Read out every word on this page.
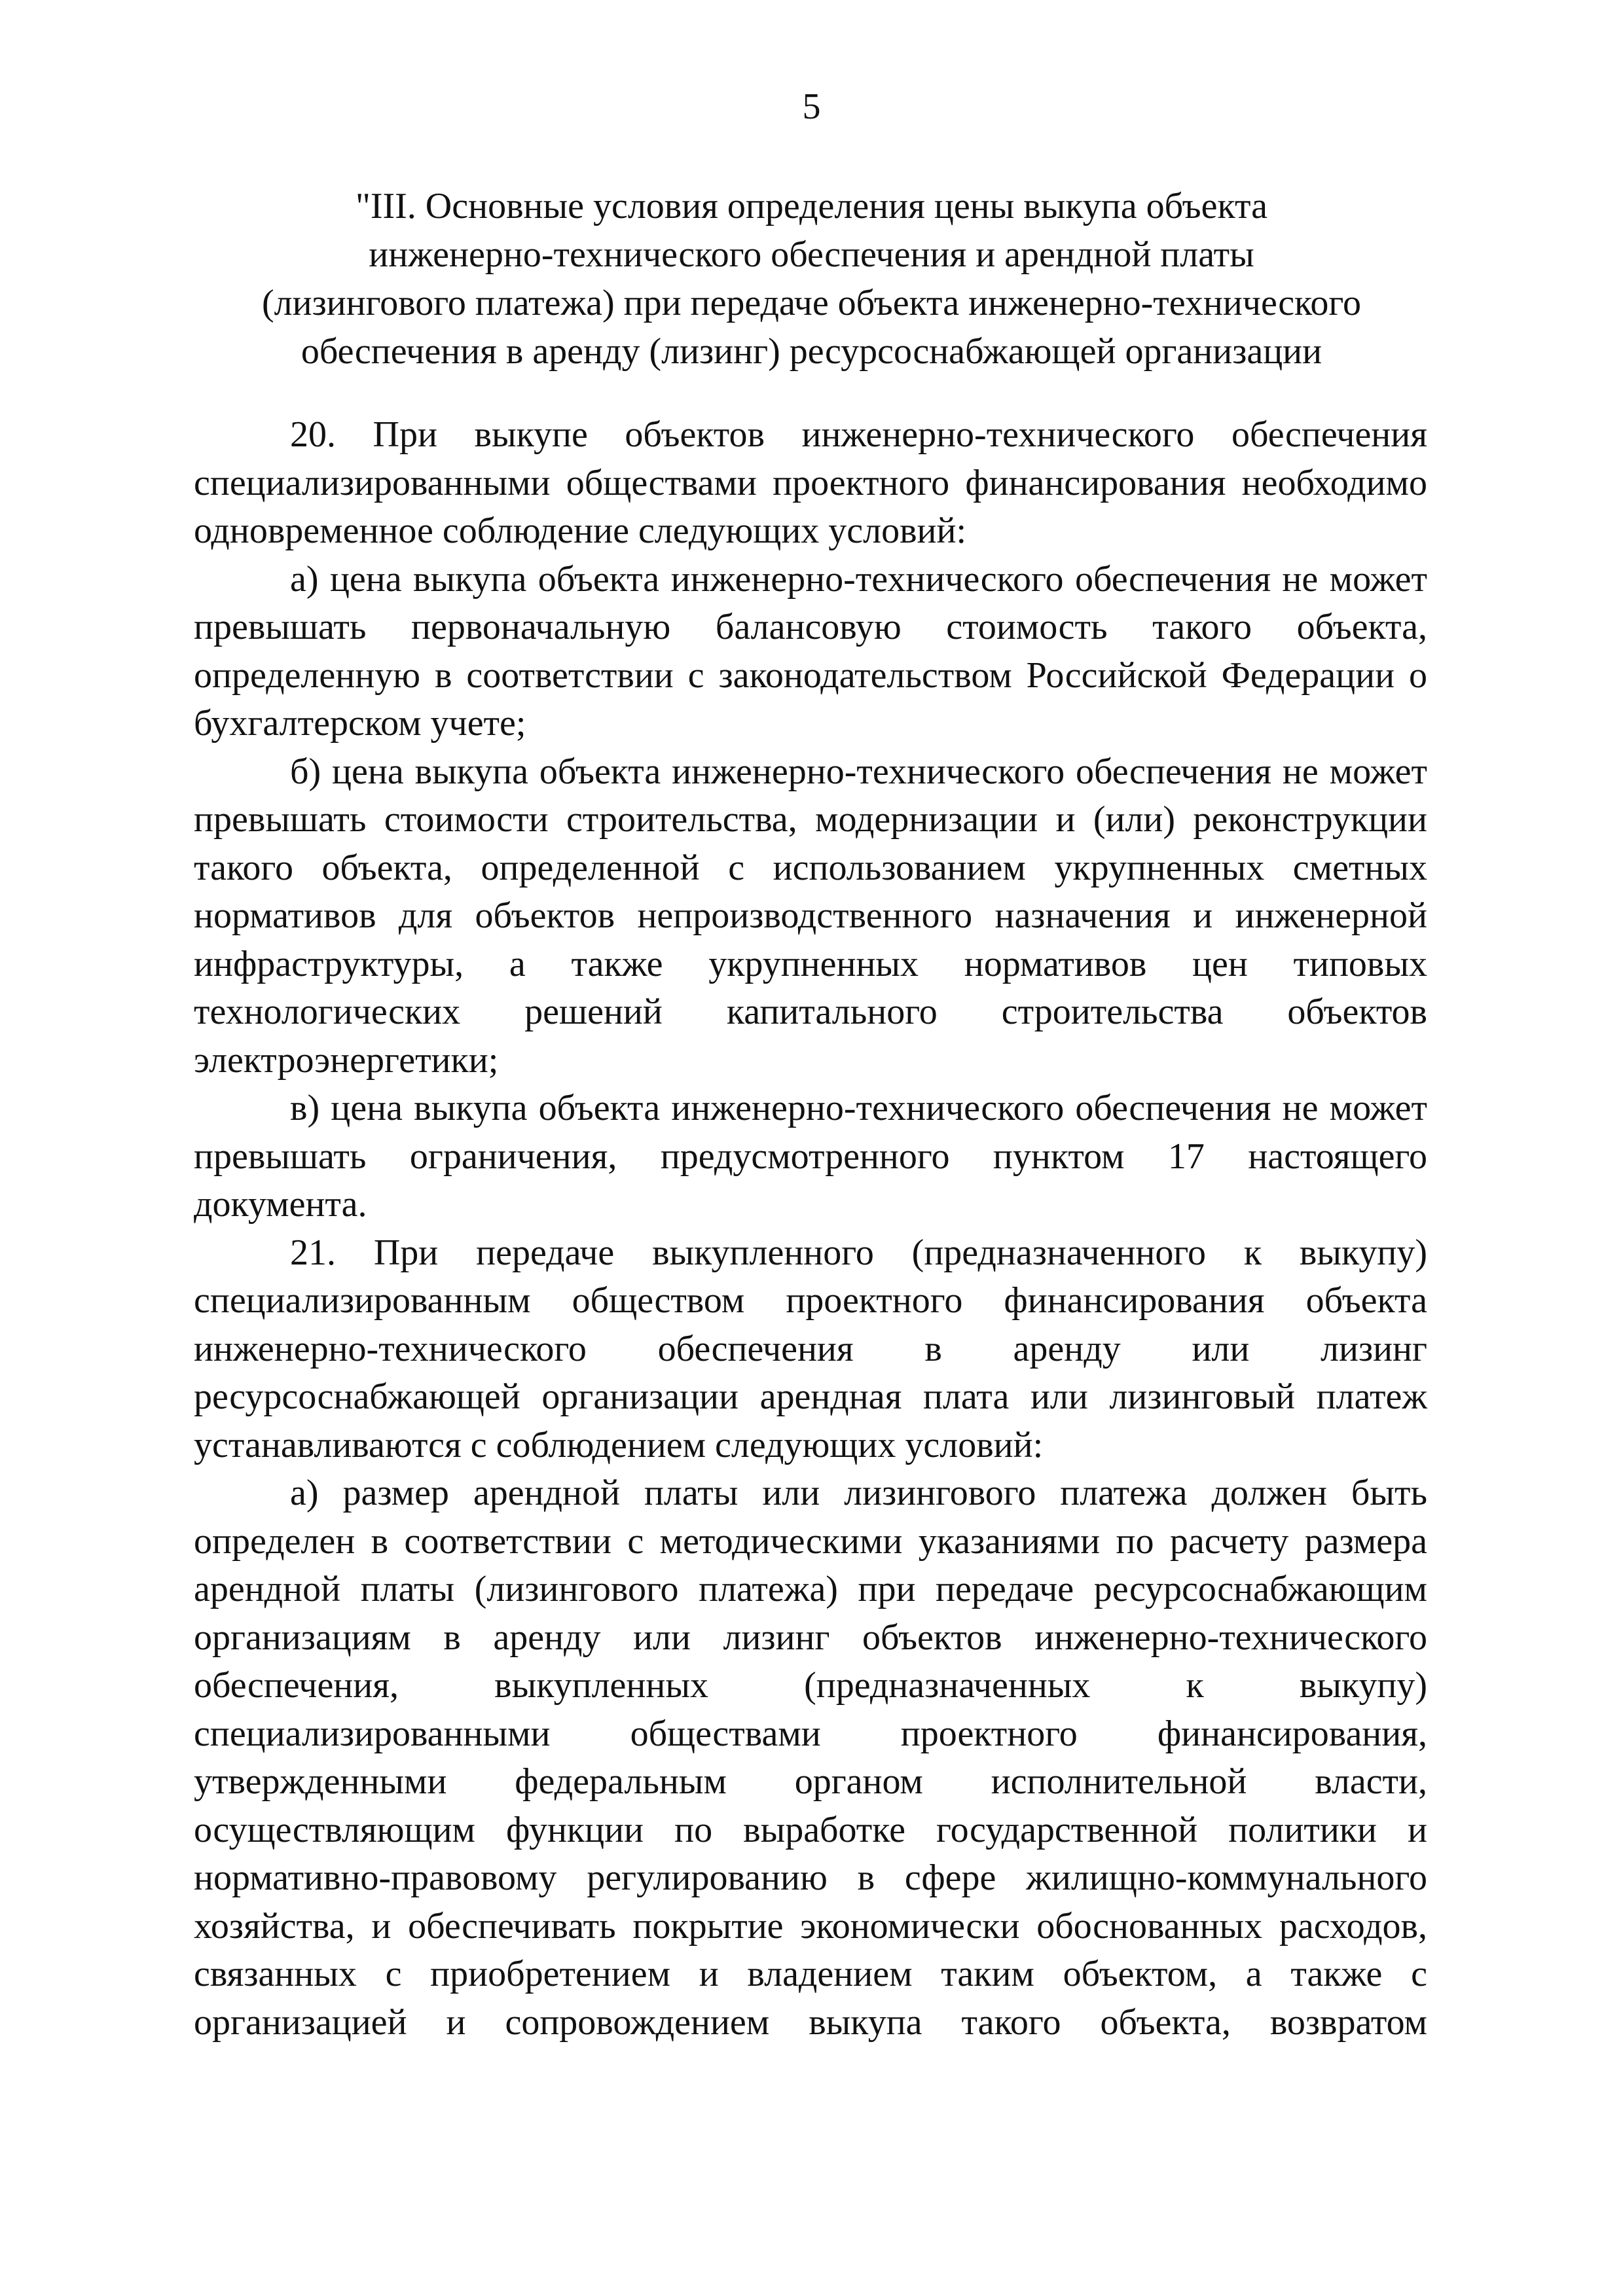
5
"III. Основные условия определения цены выкупа объекта
инженерно-технического обеспечения и арендной платы
(лизингового платежа) при передаче объекта инженерно-технического
обеспечения в аренду (лизинг) ресурсоснабжающей организации

20. При выкупе объектов инженерно-технического обеспечения специализированными обществами проектного финансирования необходимо одновременное соблюдение следующих условий:

а) цена выкупа объекта инженерно-технического обеспечения не может превышать первоначальную балансовую стоимость такого объекта, определенную в соответствии с законодательством Российской Федерации о бухгалтерском учете;

б) цена выкупа объекта инженерно-технического обеспечения не может превышать стоимости строительства, модернизации и (или) реконструкции такого объекта, определенной с использованием укрупненных сметных нормативов для объектов непроизводственного назначения и инженерной инфраструктуры, а также укрупненных нормативов цен типовых технологических решений капитального строительства объектов электроэнергетики;

в) цена выкупа объекта инженерно-технического обеспечения не может превышать ограничения, предусмотренного пунктом 17 настоящего документа.

21. При передаче выкупленного (предназначенного к выкупу) специализированным обществом проектного финансирования объекта инженерно-технического обеспечения в аренду или лизинг ресурсоснабжающей организации арендная плата или лизинговый платеж устанавливаются с соблюдением следующих условий:

а) размер арендной платы или лизингового платежа должен быть определен в соответствии с методическими указаниями по расчету размера арендной платы (лизингового платежа) при передаче ресурсоснабжающим организациям в аренду или лизинг объектов инженерно-технического обеспечения, выкупленных (предназначенных к выкупу) специализированными обществами проектного финансирования, утвержденными федеральным органом исполнительной власти, осуществляющим функции по выработке государственной политики и нормативно-правовому регулированию в сфере жилищно-коммунального хозяйства, и обеспечивать покрытие экономически обоснованных расходов, связанных с приобретением и владением таким объектом, а также с организацией и сопровождением выкупа такого объекта, возвратом
